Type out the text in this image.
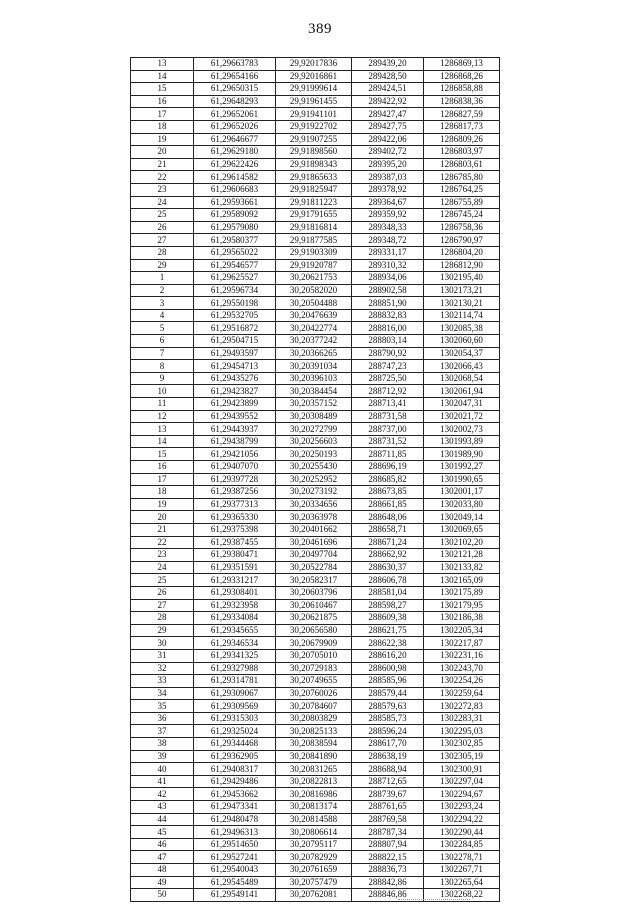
389
13	61,29663783	29,92017836	289439,20	1286869,13
14	61,29654166	29,92016861	289428,50	1286868,26
15	61,29650315	29,91999614	289424,51	1286858,88
16	61,29648293	29,91961455	289422,92	1286838,36
17	61,29652061	29,91941101	289427,47	1286827,59
18	61,29652026	29,91922702	289427,75	1286817,73
19	61,29646677	29,91907255	289422,06	1286809,26
20	61,29629180	29,91898560	289402,72	1286803,97
21	61,29622426	29,91898343	289395,20	1286803,61
22	61,29614582	29,91865633	289387,03	1286785,80
23	61,29606683	29,91825947	289378,92	1286764,25
24	61,29593661	29,91811223	289364,67	1286755,89
25	61,29589092	29,91791655	289359,92	1286745,24
26	61,29579080	29,91816814	289348,33	1286758,36
27	61,29580377	29,91877585	289348,72	1286790,97
28	61,29565022	29,91903309	289331,17	1286804,20
29	61,29546577	29,91920787	289310,32	1286812,90
1	61,29625527	30,20621753	288934,06	1302195,40
2	61,29596734	30,20582020	288902,58	1302173,21
3	61,29550198	30,20504488	288851,90	1302130,21
4	61,29532705	30,20476639	288832,83	1302114,74
5	61,29516872	30,20422774	288816,00	1302085,38
6	61,29504715	30,20377242	288803,14	1302060,60
7	61,29493597	30,20366265	288790,92	1302054,37
8	61,29454713	30,20391034	288747,23	1302066,43
9	61,29435276	30,20396103	288725,50	1302068,54
10	61,29423827	30,20384454	288712,92	1302061,94
11	61,29423899	30,20357152	288713,41	1302047,31
12	61,29439552	30,20308489	288731,58	1302021,72
13	61,29443937	30,20272799	288737,00	1302002,73
14	61,29438799	30,20256603	288731,52	1301993,89
15	61,29421056	30,20250193	288711,85	1301989,90
16	61,29407070	30,20255430	288696,19	1301992,27
17	61,29397728	30,20252952	288685,82	1301990,65
18	61,29387256	30,20273192	288673,85	1302001,17
19	61,29377313	30,20334656	288661,85	1302033,80
20	61,29365330	30,20363978	288648,06	1302049,14
21	61,29375398	30,20401662	288658,71	1302069,65
22	61,29387455	30,20461696	288671,24	1302102,20
23	61,29380471	30,20497704	288662,92	1302121,28
24	61,29351591	30,20522784	288630,37	1302133,82
25	61,29331217	30,20582317	288606,78	1302165,09
26	61,29308401	30,20603796	288581,04	1302175,89
27	61,29323958	30,20610467	288598,27	1302179,95
28	61,29334084	30,20621875	288609,38	1302186,38
29	61,29345655	30,20656580	288621,75	1302205,34
30	61,29346534	30,20679909	288622,38	1302217,87
31	61,29341325	30,20705010	288616,20	1302231,16
32	61,29327988	30,20729183	288600,98	1302243,70
33	61,29314781	30,20749655	288585,96	1302254,26
34	61,29309067	30,20760026	288579,44	1302259,64
35	61,29309569	30,20784607	288579,63	1302272,83
36	61,29315303	30,20803829	288585,73	1302283,31
37	61,29325024	30,20825133	288596,24	1302295,03
38	61,29344468	30,20838594	288617,70	1302302,85
39	61,29362905	30,20841890	288638,19	1302305,19
40	61,29408317	30,20831265	288688,94	1302300,91
41	61,29429486	30,20822813	288712,65	1302297,04
42	61,29453662	30,20816986	288739,67	1302294,67
43	61,29473341	30,20813174	288761,65	1302293,24
44	61,29480478	30,20814588	288769,58	1302294,22
45	61,29496313	30,20806614	288787,34	1302290,44
46	61,29514650	30,20795117	288807,94	1302284,85
47	61,29527241	30,20782929	288822,15	1302278,71
48	61,29540043	30,20761659	288836,73	1302267,71
49	61,29545489	30,20757479	288842,86	1302265,64
50	61,29549141	30,20762081	288846,86	1302268,22
